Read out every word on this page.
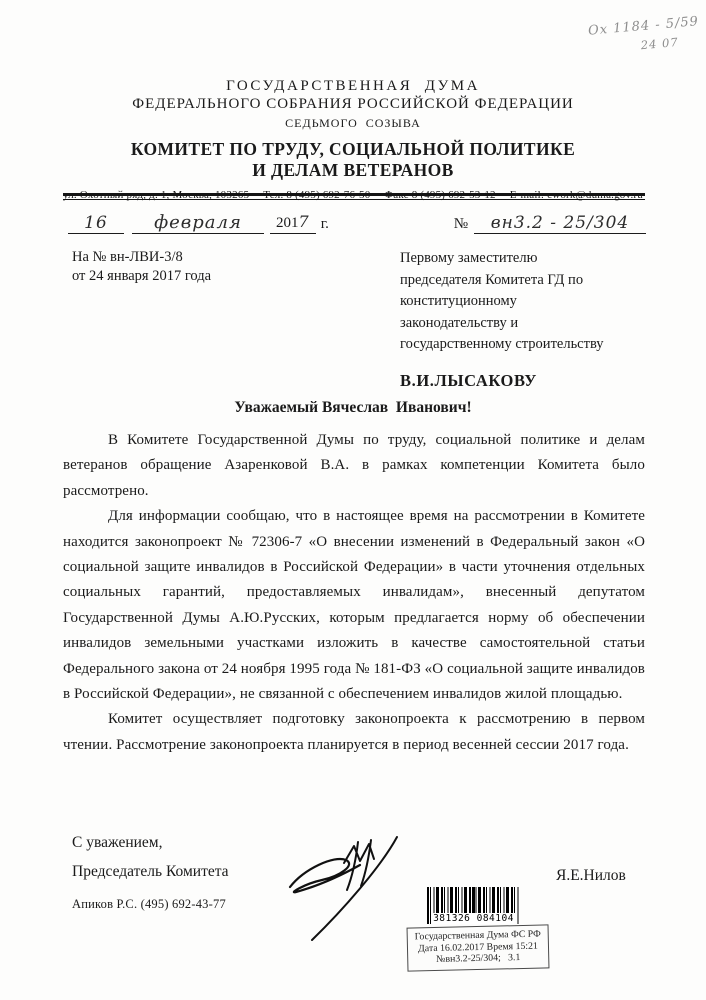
Ох 1184 - 5/59
24 07
ГОСУДАРСТВЕННАЯ  ДУМА
ФЕДЕРАЛЬНОГО СОБРАНИЯ РОССИЙСКОЙ ФЕДЕРАЦИИ
СЕДЬМОГО  СОЗЫВА
КОМИТЕТ ПО ТРУДУ, СОЦИАЛЬНОЙ ПОЛИТИКЕ
И ДЕЛАМ ВЕТЕРАНОВ
ул. Охотный ряд, д. 1, Москва, 103265 Тел. 8 (495) 692-76-50 Факс 8 (495) 692-53-12 E-mail: cwork@duma.gov.ru
16	февраля	2017 г.	№	вн3.2 - 25/304
На № вн-ЛВИ-3/8
от 24 января 2017 года
Первому заместителю
председателя Комитета ГД по
конституционному
законодательству и
государственному строительству
В.И.ЛЫСАКОВУ
Уважаемый Вячеслав  Иванович!

В Комитете Государственной Думы по труду, социальной политике и делам ветеранов обращение Азаренковой В.А. в рамках компетенции Комитета было рассмотрено.

Для информации сообщаю, что в настоящее время на рассмотрении в Комитете находится законопроект № 72306-7 «О внесении изменений в Федеральный закон «О социальной защите инвалидов в Российской Федерации» в части уточнения отдельных социальных гарантий, предоставляемых инвалидам», внесенный депутатом Государственной Думы А.Ю.Русских, которым предлагается норму об обеспечении инвалидов земельными участками изложить в качестве самостоятельной статьи Федерального закона от 24 ноября 1995 года № 181-ФЗ «О социальной защите инвалидов в Российской Федерации», не связанной с обеспечением инвалидов жилой площадью.

Комитет осуществляет подготовку законопроекта к рассмотрению в первом чтении. Рассмотрение законопроекта планируется в период весенней сессии 2017 года.

С уважением,
Председатель Комитета	Я.Е.Нилов
Апиков Р.С. (495) 692-43-77
381326 084104
Государственная Дума ФС РФ
Дата 16.02.2017 Время 15:21
№вн3.2-25/304;   3.1
